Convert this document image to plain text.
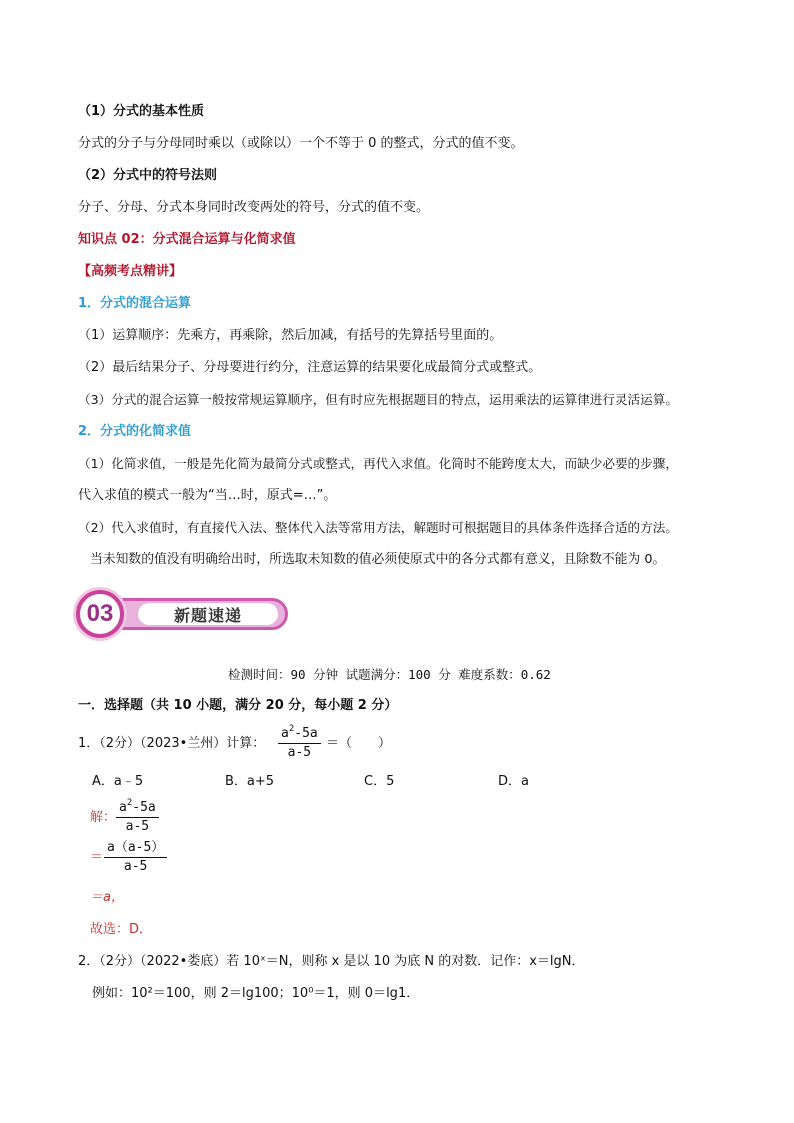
（1）分式的基本性质
分式的分子与分母同时乘以（或除以）一个不等于 0 的整式，分式的值不变。
（2）分式中的符号法则
分子、分母、分式本身同时改变两处的符号，分式的值不变。
知识点 02：分式混合运算与化简求值
【高频考点精讲】
1．分式的混合运算
（1）运算顺序：先乘方，再乘除，然后加减，有括号的先算括号里面的。
（2）最后结果分子、分母要进行约分，注意运算的结果要化成最简分式或整式。
（3）分式的混合运算一般按常规运算顺序，但有时应先根据题目的特点，运用乘法的运算律进行灵活运算。
2．分式的化简求值
（1）化简求值，一般是先化简为最简分式或整式，再代入求值。化简时不能跨度太大，而缺少必要的步骤，
代入求值的模式一般为“当…时，原式=…”。
（2）代入求值时，有直接代入法、整体代入法等常用方法，解题时可根据题目的具体条件选择合适的方法。
当未知数的值没有明确给出时，所选取未知数的值必须使原式中的各分式都有意义，且除数不能为 0。
新题速递
03
检测时间：90 分钟 试题满分：100 分 难度系数：0.62
一．选择题（共 10 小题，满分 20 分，每小题 2 分）
1．（2分）（2023•兰州）计算：
$a^2-5a$
a-5
＝（　　）
A．a﹣5	B．a+5	C．5	D．a
解：
$a^2-5a$
a-5
＝
a（a-5）
a-5
＝a，
故选：D．
2．（2分）（2022•娄底）若 10ˣ＝N，则称 x 是以 10 为底 N 的对数．记作：x＝lgN．
例如：10²＝100，则 2＝lg100；10⁰＝1，则 0＝lg1．
